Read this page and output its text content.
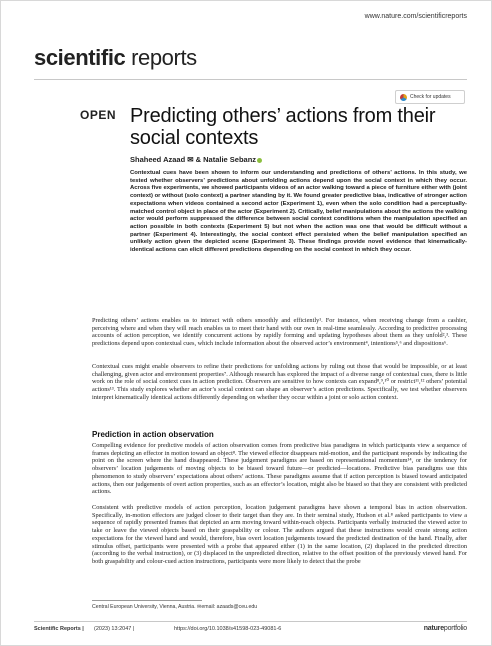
www.nature.com/scientificreports
scientific reports
Check for updates
OPEN Predicting others’ actions from their social contexts
Shaheed Azaad ✉ & Natalie Sebanz
Contextual cues have been shown to inform our understanding and predictions of others’ actions. In this study, we tested whether observers’ predictions about unfolding actions depend upon the social context in which they occur. Across five experiments, we showed participants videos of an actor walking toward a piece of furniture either with (joint context) or without (solo context) a partner standing by it. We found greater predictive bias, indicative of stronger action expectations when videos contained a second actor (Experiment 1), even when the solo condition had a perceptually-matched control object in place of the actor (Experiment 2). Critically, belief manipulations about the actions the walking actor would perform suppressed the difference between social context conditions when the manipulation specified an action possible in both contexts (Experiment 5) but not when the action was one that would be difficult without a partner (Experiment 4). Interestingly, the social context effect persisted when the belief manipulation specified an unlikely action given the depicted scene (Experiment 3). These findings provide novel evidence that kinematically-identical actions can elicit different predictions depending on the social context in which they occur.
Predicting others’ actions enables us to interact with others smoothly and efficiently¹. For instance, when receiving change from a cashier, perceiving where and when they will reach enables us to meet their hand with our own in real-time seamlessly. According to predictive processing accounts of action perception, we identify concurrent actions by rapidly forming and updating hypotheses about them as they unfold²,³. These predictions depend upon contextual cues, which include information about the observed actor’s environment⁴, intentions⁵,⁶ and dispositions⁶.
Contextual cues might enable observers to refine their predictions for unfolding actions by ruling out those that would be impossible, or at least challenging, given actor and environment properties⁷. Although research has explored the impact of a diverse range of contextual cues, there is little work on the role of social context cues in action prediction. Observers are sensitive to how contexts can expand⁸,⁹,¹⁰ or restrict¹¹,¹² others’ potential actions¹³. This study explores whether an actor’s social context can shape an observer’s action predictions. Specifically, we test whether observers interpret kinematically identical actions differently depending on whether they occur within a joint or solo action context.
Prediction in action observation
Compelling evidence for predictive models of action observation comes from predictive bias paradigms in which participants view a sequence of frames depicting an effector in motion toward an object⁸. The viewed effector disappears mid-motion, and the participant responds by indicating the point on the screen where the hand disappeared. These judgement paradigms are based on representational momentum¹⁴, or the tendency for observers’ location judgements of moving objects to be biased toward future—or predicted—locations. Predictive bias paradigms use this phenomenon to study observers’ expectations about others’ actions. These paradigms assume that if action perception is biased toward anticipated actions, then our judgements of overt action properties, such as an effector’s location, might also be biased so that they are consistent with predicted actions.
Consistent with predictive models of action perception, location judgement paradigms have shown a temporal bias in action observation. Specifically, in-motion effectors are judged closer to their target than they are. In their seminal study, Hudson et al.⁸ asked participants to view a sequence of rapidly presented frames that depicted an arm moving toward within-reach objects. Participants verbally instructed the viewed actor to take or leave the viewed objects based on their graspability or colour. The authors argued that these instructions would create strong action expectations for the viewed hand and would, therefore, bias overt location judgements toward the predicted destination of the hand. Finally, after stimulus offset, participants were presented with a probe that appeared either (1) in the same location, (2) displaced in the predicted direction (according to the verbal instruction), or (3) displaced in the unpredicted direction, relative to the offset position of the previously viewed hand. For both graspability and colour-cued action instructions, participants were more likely to detect that the probe
Central European University, Vienna, Austria. ✉email: azaads@ceu.edu
Scientific Reports |	(2023) 13:2047 |	https://doi.org/10.1038/s41598-023-49081-6	natureportfolio
